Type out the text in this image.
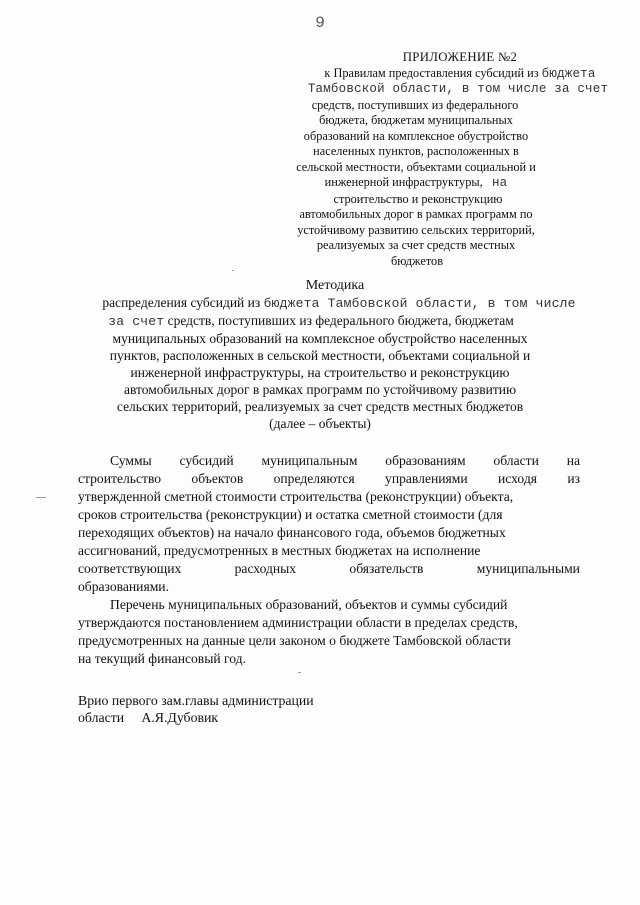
9
ПРИЛОЖЕНИЕ №2
к Правилам предоставления субсидий из бюджета
Тамбовской области, в том числе за счет
средств, поступивших из федерального
бюджета, бюджетам муниципальных
образований на комплексное обустройство
населенных пунктов, расположенных в
сельской местности, объектами социальной и
инженерной инфраструктуры, на
строительство и реконструкцию
автомобильных дорог в рамках программ по
устойчивому развитию сельских территорий,
реализуемых за счет средств местных
бюджетов
Методика
распределения субсидий из бюджета Тамбовской области, в том числе
за счет средств, поступивших из федерального бюджета, бюджетам
муниципальных образований на комплексное обустройство населенных
пунктов, расположенных в сельской местности, объектами социальной и
инженерной инфраструктуры, на строительство и реконструкцию
автомобильных дорог в рамках программ по устойчивому развитию
сельских территорий, реализуемых за счет средств местных бюджетов
(далее – объекты)
Суммы субсидий муниципальным образованиям области на
строительство объектов определяются управлениями исходя из
утвержденной сметной стоимости строительства (реконструкции) объекта,
сроков строительства (реконструкции) и остатка сметной стоимости (для
переходящих объектов) на начало финансового года, объемов бюджетных
ассигнований, предусмотренных в местных бюджетах на исполнение
соответствующих	расходных	обязательств	муниципальными
образованиями.
Перечень муниципальных образований, объектов и суммы субсидий
утверждаются постановлением администрации области в пределах средств,
предусмотренных на данные цели законом о бюджете Тамбовской области
на текущий финансовый год.
Врио первого зам.главы администрации
области     А.Я.Дубовик
